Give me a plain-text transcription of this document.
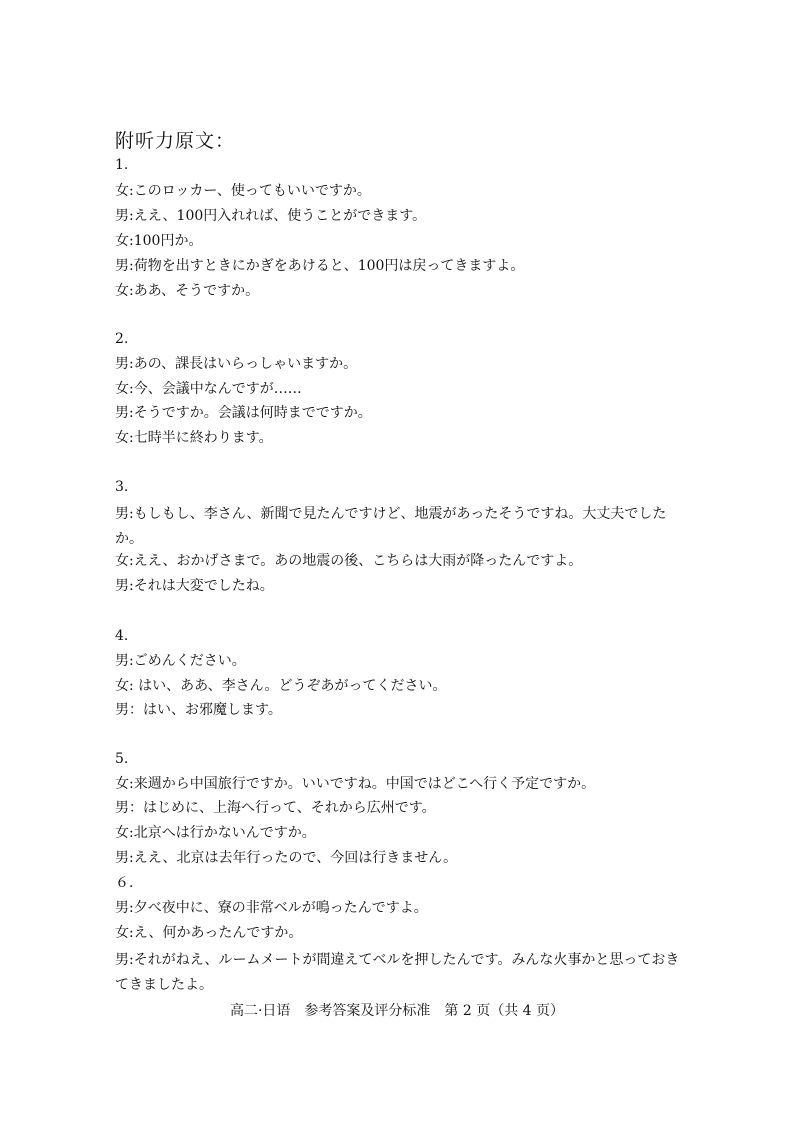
附听力原文：
1.
女:このロッカー、使ってもいいですか。
男:ええ、100円入れれば、使うことができます。
女:100円か。
男:荷物を出すときにかぎをあけると、100円は戻ってきますよ。
女:ああ、そうですか。
2.
男:あの、課長はいらっしゃいますか。
女:今、会議中なんですが……
男:そうですか。会議は何時までですか。
女:七時半に終わります。
3.
男:もしもし、李さん、新聞で見たんですけど、地震があったそうですね。大丈夫でしたか。
女:ええ、おかげさまで。あの地震の後、こちらは大雨が降ったんですよ。
男:それは大変でしたね。
4.
男:ごめんください。
女: はい、ああ、李さん。どうぞあがってください。
男：はい、お邪魔します。
5.
女:来週から中国旅行ですか。いいですね。中国ではどこへ行く予定ですか。
男：はじめに、上海へ行って、それから広州です。
女:北京へは行かないんですか。
男:ええ、北京は去年行ったので、今回は行きません。
６.
男:夕べ夜中に、寮の非常ベルが鳴ったんですよ。
女:え、何かあったんですか。
男:それがねえ、ルームメートが間違えてベルを押したんです。みんな火事かと思っておきてきましたよ。
高二·日语　参考答案及评分标准　第 2 页（共 4 页）
